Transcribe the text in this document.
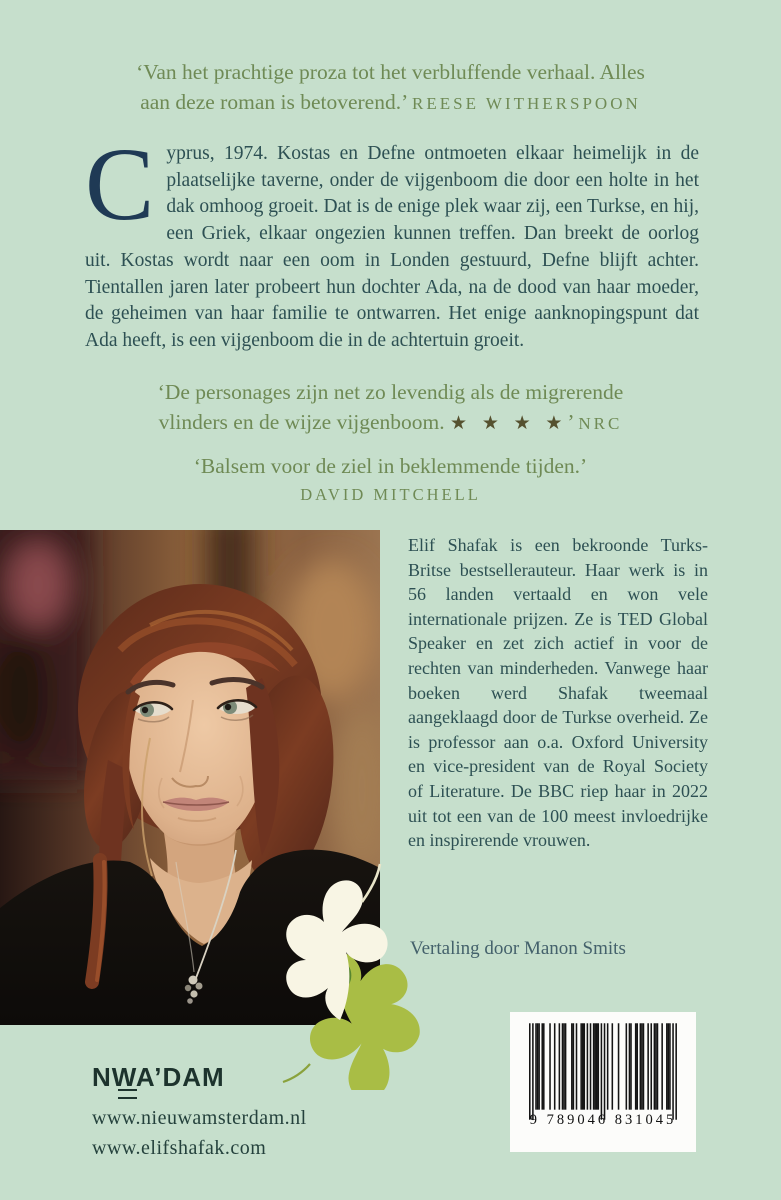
‘Van het prachtige proza tot het verbluffende verhaal. Alles
aan deze roman is betoverend.’ REESE WITHERSPOON
Cyprus, 1974. Kostas en Defne ontmoeten elkaar heimelijk in de plaatselijke taverne, onder de vijgenboom die door een holte in het dak omhoog groeit. Dat is de enige plek waar zij, een Turkse, en hij, een Griek, elkaar ongezien kunnen treffen. Dan breekt de oorlog uit. Kostas wordt naar een oom in Londen gestuurd, Defne blijft achter. Tientallen jaren later probeert hun dochter Ada, na de dood van haar moeder, de geheimen van haar familie te ontwarren. Het enige aanknopingspunt dat Ada heeft, is een vijgenboom die in de achtertuin groeit.
‘De personages zijn net zo levendig als de migrerende
vlinders en de wijze vijgenboom. ★ ★ ★ ★’ NRC
‘Balsem voor de ziel in beklemmende tijden.’
DAVID MITCHELL
Elif Shafak is een bekroonde Turks-Britse bestsellerauteur. Haar werk is in 56 landen vertaald en won vele internationale prijzen. Ze is TED Global Speaker en zet zich actief in voor de rechten van minderheden. Vanwege haar boeken werd Shafak tweemaal aangeklaagd door de Turkse overheid. Ze is professor aan o.a. Oxford University en vice-president van de Royal Society of Literature. De BBC riep haar in 2022 uit tot een van de 100 meest invloedrijke en inspirerende vrouwen.
Vertaling door Manon Smits
NWA’DAM
www.nieuwamsterdam.nl
www.elifshafak.com
9 789046 831045
